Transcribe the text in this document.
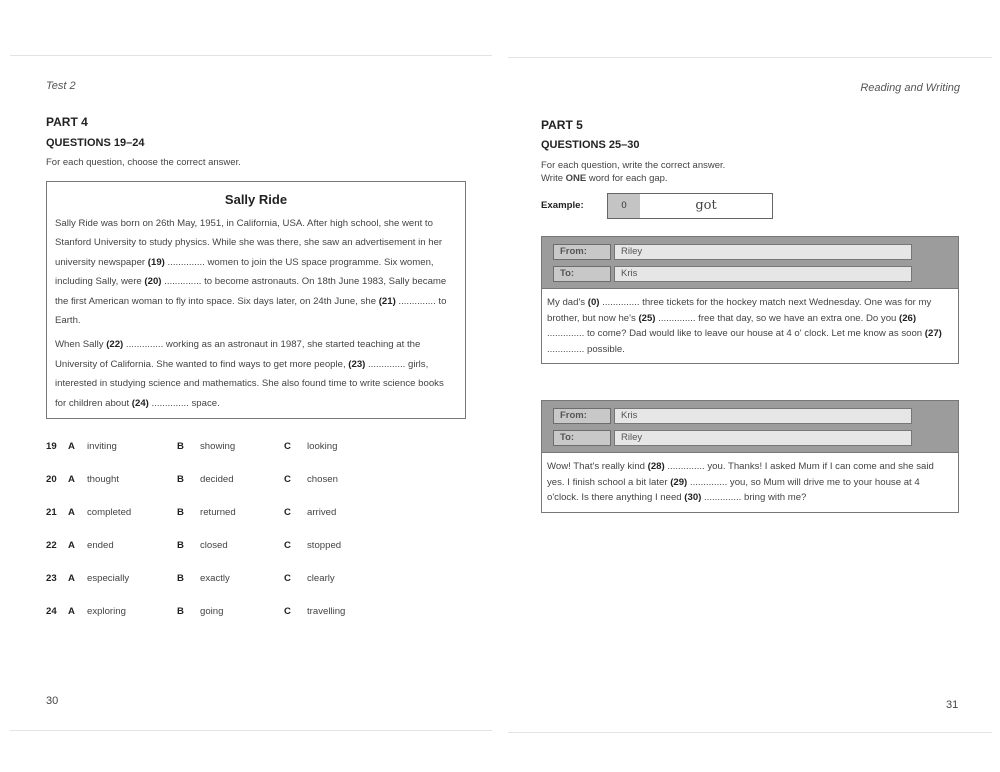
Test 2
PART 4
QUESTIONS 19–24
For each question, choose the correct answer.
Sally Ride

Sally Ride was born on 26th May, 1951, in California, USA. After high school, she went to Stanford University to study physics. While she was there, she saw an advertisement in her university newspaper (19) .............. women to join the US space programme. Six women, including Sally, were (20) .............. to become astronauts. On 18th June 1983, Sally became the first American woman to fly into space. Six days later, on 24th June, she (21) .............. to Earth.

When Sally (22) .............. working as an astronaut in 1987, she started teaching at the University of California. She wanted to find ways to get more people, (23) .............. girls, interested in studying science and mathematics. She also found time to write science books for children about (24) .............. space.

19 A inviting	B showing	C looking
20 A thought	B decided	C chosen
21 A completed	B returned	C arrived
22 A ended	B closed	C stopped
23 A especially	B exactly	C clearly
24 A exploring	B going	C travelling
30
Reading and Writing
PART 5
QUESTIONS 25–30
For each question, write the correct answer.
Write ONE word for each gap.
Example:	0	got
From:	Riley
To:	Kris
My dad's (0) .............. three tickets for the hockey match next Wednesday. One was for my brother, but now he's (25) .............. free that day, so we have an extra one. Do you (26) .............. to come? Dad would like to leave our house at 4 o' clock. Let me know as soon (27) .............. possible.
From:	Kris
To:	Riley
Wow! That's really kind (28) .............. you. Thanks! I asked Mum if I can come and she said yes. I finish school a bit later (29) .............. you, so Mum will drive me to your house at 4 o'clock. Is there anything I need (30) .............. bring with me?
31
